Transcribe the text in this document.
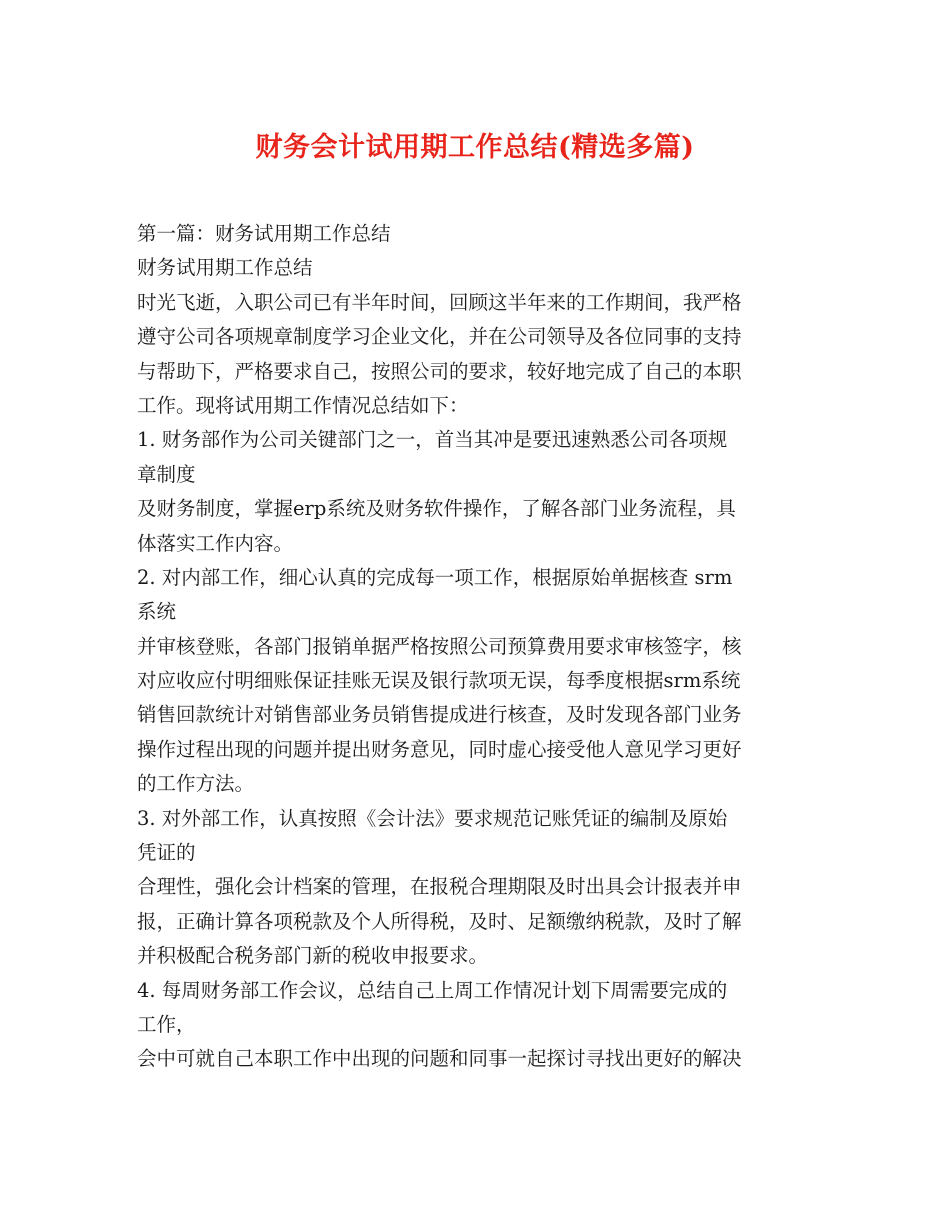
财务会计试用期工作总结(精选多篇)
第一篇：财务试用期工作总结
财务试用期工作总结
时光飞逝，入职公司已有半年时间，回顾这半年来的工作期间，我严格
遵守公司各项规章制度学习企业文化，并在公司领导及各位同事的支持
与帮助下，严格要求自己，按照公司的要求，较好地完成了自己的本职
工作。现将试用期工作情况总结如下：
1. 财务部作为公司关键部门之一，首当其冲是要迅速熟悉公司各项规
章制度
及财务制度，掌握erp系统及财务软件操作，了解各部门业务流程，具
体落实工作内容。
2. 对内部工作，细心认真的完成每一项工作，根据原始单据核查 srm
系统
并审核登账，各部门报销单据严格按照公司预算费用要求审核签字，核
对应收应付明细账保证挂账无误及银行款项无误，每季度根据srm系统
销售回款统计对销售部业务员销售提成进行核查，及时发现各部门业务
操作过程出现的问题并提出财务意见，同时虚心接受他人意见学习更好
的工作方法。
3. 对外部工作，认真按照《会计法》要求规范记账凭证的编制及原始
凭证的
合理性，强化会计档案的管理，在报税合理期限及时出具会计报表并申
报，正确计算各项税款及个人所得税，及时、足额缴纳税款，及时了解
并积极配合税务部门新的税收申报要求。
4. 每周财务部工作会议，总结自己上周工作情况计划下周需要完成的
工作，
会中可就自己本职工作中出现的问题和同事一起探讨寻找出更好的解决
